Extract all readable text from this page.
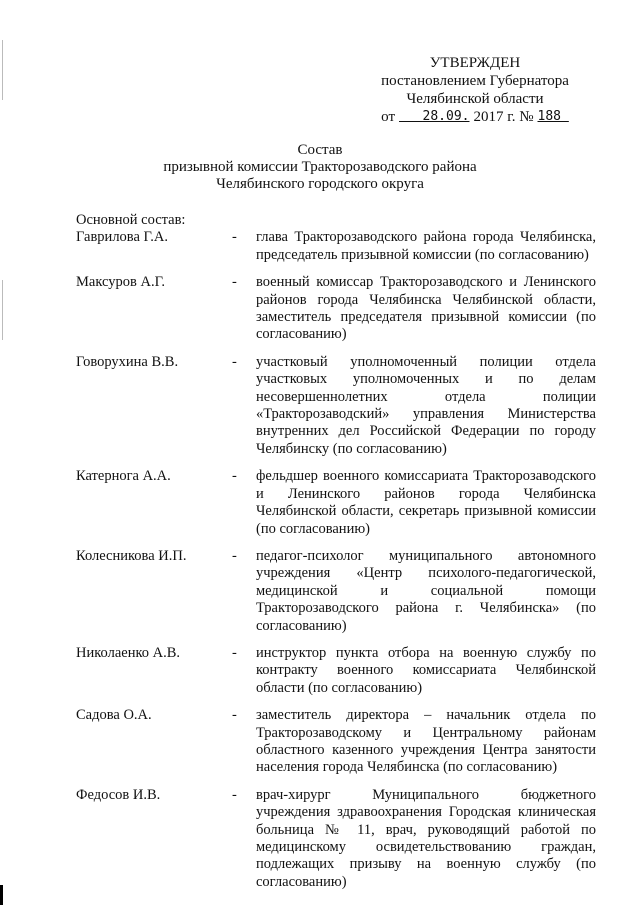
УТВЕРЖДЕН
постановлением Губернатора
Челябинской области
от	28.09. 2017 г. № 188
Состав
призывной комиссии Тракторозаводского района
Челябинского городского округа

Основной состав:

Гаврилова Г.А.	-	глава Тракторозаводского района города Челябинска, председатель призывной комиссии (по согласованию)
Максуров А.Г.	-	военный комиссар Тракторозаводского и Ленинского районов города Челябинска Челябинской области, заместитель председателя призывной комиссии (по согласованию)
Говорухина В.В.	-	участковый уполномоченный полиции отдела участковых уполномоченных и по делам несовершеннолетних отдела полиции «Тракторозаводский» управления Министерства внутренних дел Российской Федерации по городу Челябинску (по согласованию)
Катернога А.А.	-	фельдшер военного комиссариата Тракторозаводского и Ленинского районов города Челябинска Челябинской области, секретарь призывной комиссии (по согласованию)
Колесникова И.П.	-	педагог-психолог муниципального автономного учреждения «Центр психолого-педагогической, медицинской и социальной помощи Тракторозаводского района г. Челябинска» (по согласованию)
Николаенко А.В.	-	инструктор пункта отбора на военную службу по контракту военного комиссариата Челябинской области (по согласованию)
Садова О.А.	-	заместитель директора – начальник отдела по Тракторозаводскому и Центральному районам областного казенного учреждения Центра занятости населения города Челябинска (по согласованию)
Федосов И.В.	-	врач-хирург Муниципального бюджетного учреждения здравоохранения Городская клиническая больница № 11, врач, руководящий работой по медицинскому освидетельствованию граждан, подлежащих призыву на военную службу (по согласованию)
